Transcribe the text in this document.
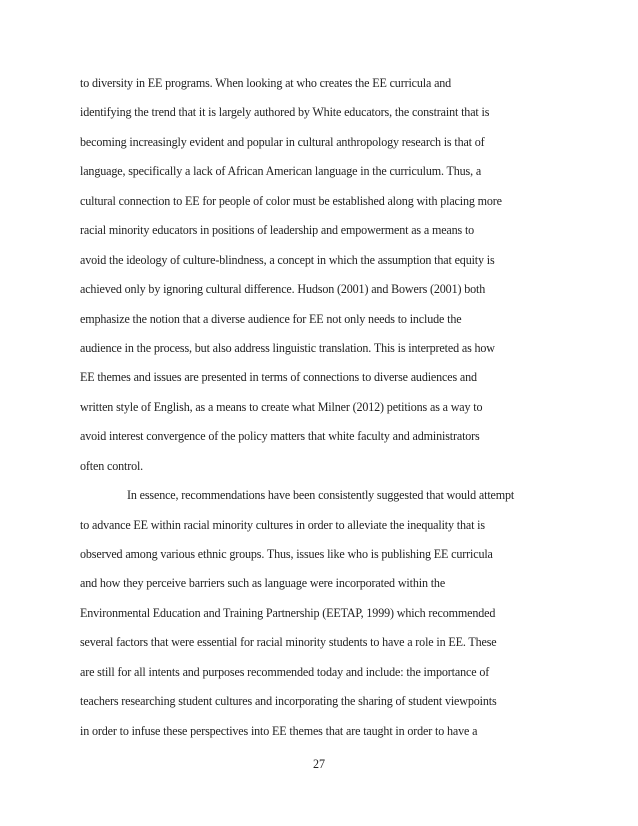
to diversity in EE programs. When looking at who creates the EE curricula and
identifying the trend that it is largely authored by White educators, the constraint that is
becoming increasingly evident and popular in cultural anthropology research is that of
language, specifically a lack of African American language in the curriculum. Thus, a
cultural connection to EE for people of color must be established along with placing more
racial minority educators in positions of leadership and empowerment as a means to
avoid the ideology of culture-blindness, a concept in which the assumption that equity is
achieved only by ignoring cultural difference. Hudson (2001) and Bowers (2001) both
emphasize the notion that a diverse audience for EE not only needs to include the
audience in the process, but also address linguistic translation. This is interpreted as how
EE themes and issues are presented in terms of connections to diverse audiences and
written style of English, as a means to create what Milner (2012) petitions as a way to
avoid interest convergence of the policy matters that white faculty and administrators
often control.
In essence, recommendations have been consistently suggested that would attempt
to advance EE within racial minority cultures in order to alleviate the inequality that is
observed among various ethnic groups. Thus, issues like who is publishing EE curricula
and how they perceive barriers such as language were incorporated within the
Environmental Education and Training Partnership (EETAP, 1999) which recommended
several factors that were essential for racial minority students to have a role in EE. These
are still for all intents and purposes recommended today and include: the importance of
teachers researching student cultures and incorporating the sharing of student viewpoints
in order to infuse these perspectives into EE themes that are taught in order to have a
27
